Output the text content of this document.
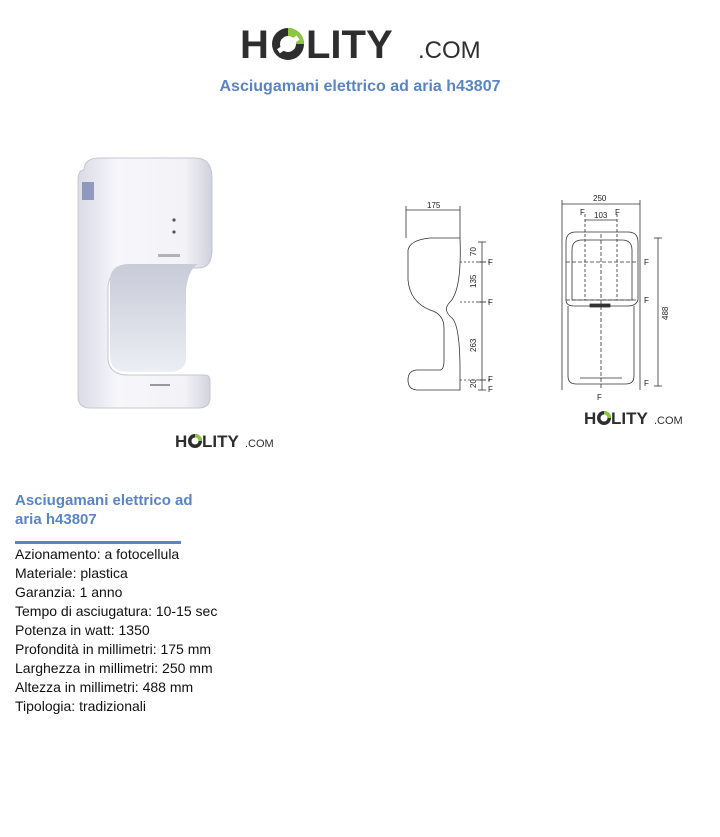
H LITY .COM
Asciugamani elettrico ad aria h43807
H LITY .COM
175
70
135
263
20
F
F
F
F
250
103
488
F	F
F
F
F
F
H LITY .COM
Asciugamani elettrico ad aria h43807
Azionamento: a fotocellula
Materiale: plastica
Garanzia: 1 anno
Tempo di asciugatura: 10-15 sec
Potenza in watt: 1350
Profondità in millimetri: 175 mm
Larghezza in millimetri: 250 mm
Altezza in millimetri: 488 mm
Tipologia: tradizionali
